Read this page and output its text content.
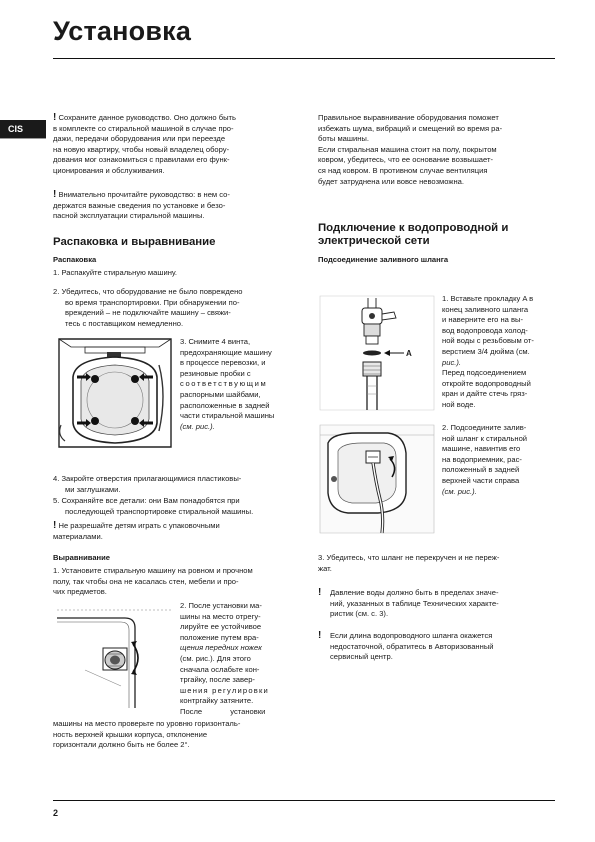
Установка
CIS
! Сохраните данное руководство. Оно должно быть
в комплекте со стиральной машиной в случае про-
дажи, передачи оборудования или при переезде
на новую квартиру, чтобы новый владелец обору-
дования мог ознакомиться с правилами его функ-
ционирования и обслуживания.
! Внимательно прочитайте руководство: в нем со-
держатся важные сведения по установке и безо-
пасной эксплуатации стиральной машины.
Распаковка и выравнивание
Распаковка
1. Распакуйте стиральную машину.
2. Убедитесь, что оборудование не было повреждено
во время транспортировки. При обнаружении по-
вреждений – не подключайте машину – свяжи-
тесь с поставщиком немедленно.
3. Снимите 4 винта,
предохраняющие машину
в процессе перевозки, и
резиновые пробки с
соответствующим
распорными шайбами,
расположенные в задней
части стиральной машины
(см. рис.).
4. Закройте отверстия прилагающимися пластиковы-
ми заглушками.
5. Сохраняйте все детали: они Вам понадобятся при
последующей транспортировке стиральной машины.
! Не разрешайте детям играть с упаковочными
материалами.
Выравнивание
1. Установите стиральную машину на ровном и прочном
полу, так чтобы она не касалась стен, мебели и про-
чих предметов.
2. После установки ма-
шины на место отрегу-
лируйте ее устойчивое
положение путем вра-
щения передних ножек
(см. рис.). Для этого
сначала ослабьте кон-
тргайку, после завер-
шения регулировки
контргайку затяните.
После установки
машины на место проверьте по уровню горизонталь-
ность верхней крышки корпуса, отклонение
горизонтали должно быть не более 2°.
Правильное выравнивание оборудования поможет
избежать шума, вибраций и смещений во время ра-
боты машины.
Если стиральная машина стоит на полу, покрытом
ковром, убедитесь, что ее основание возвышает-
ся над ковром. В противном случае вентиляция
будет затруднена или вовсе невозможна.
Подключение к водопроводной и
электрической сети
Подсоединение заливного шланга
A
1. Вставьте прокладку A в
конец заливного шланга
и наверните его на вы-
вод водопровода холод-
ной воды с резьбовым от-
верстием 3/4 дюйма (см.
рис.).
Перед подсоединением
откройте водопроводный
кран и дайте стечь гряз-
ной воде.
2. Подсоедините залив-
ной шланг к стиральной
машине, навинтив его
на водоприемник, рас-
положенный в задней
верхней части справа
(см. рис.).
3. Убедитесь, что шланг не перекручен и не переж-
жат.
! Давление воды должно быть в пределах значе-
ний, указанных в таблице Технических характе-
ристик (см. с. 3).
! Если длина водопроводного шланга окажется
недостаточной, обратитесь в Авторизованный
сервисный центр.
2
